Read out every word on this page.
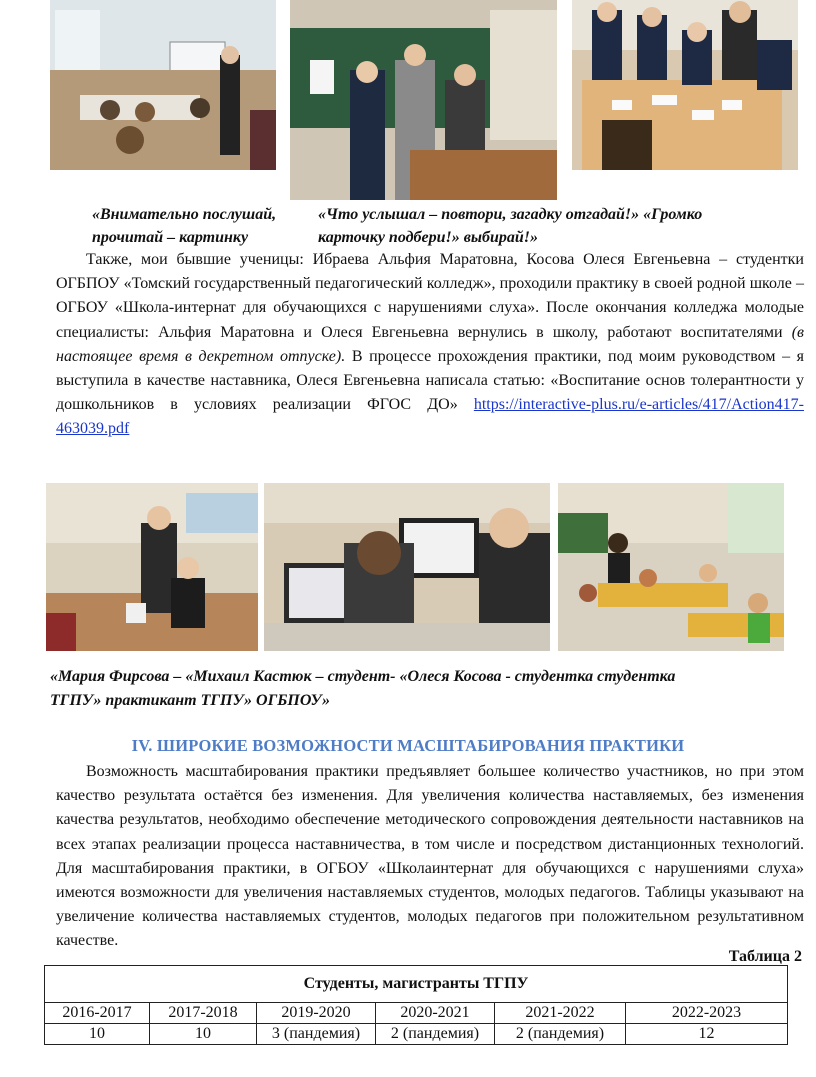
«Внимательно послушай,
прочитай – картинку
«Что услышал – повтори, загадку отгадай!» «Громко
карточку подбери!» выбирай!»

Также, мои бывшие ученицы: Ибраева Альфия Маратовна, Косова Олеся Евгеньевна – студентки ОГБПОУ «Томский государственный педагогический колледж», проходили практику в своей родной школе – ОГБОУ «Школа-интернат для обучающихся с нарушениями слуха». После окончания колледжа молодые специалисты: Альфия Маратовна и Олеся Евгеньевна вернулись в школу, работают воспитателями (в настоящее время в декретном отпуске). В процессе прохождения практики, под моим руководством – я выступила в качестве наставника, Олеся Евгеньевна написала статью: «Воспитание основ толерантности у дошкольников в условиях реализации ФГОС ДО» https://interactive-plus.ru/e-articles/417/Action417-463039.pdf

«Мария Фирсова – «Михаил Кастюк – студент- «Олеся Косова - студентка студентка
ТГПУ» практикант ТГПУ» ОГБПОУ»
IV. ШИРОКИЕ ВОЗМОЖНОСТИ МАСШТАБИРОВАНИЯ ПРАКТИКИ

Возможность масштабирования практики предъявляет большее количество участников, но при этом качество результата остаётся без изменения. Для увеличения количества наставляемых, без изменения качества результатов, необходимо обеспечение методического сопровождения деятельности наставников на всех этапах реализации процесса наставничества, в том числе и посредством дистанционных технологий. Для масштабирования практики, в ОГБОУ «Школаинтернат для обучающихся с нарушениями слуха» имеются возможности для увеличения наставляемых студентов, молодых педагогов. Таблицы указывают на увеличение количества наставляемых студентов, молодых педагогов при положительном результативном качестве.

Таблица 2
Студенты, магистранты ТГПУ					
2016-2017	2017-2018	2019-2020	2020-2021	2021-2022	2022-2023
10	10	3 (пандемия)	2 (пандемия)	2 (пандемия)	12
